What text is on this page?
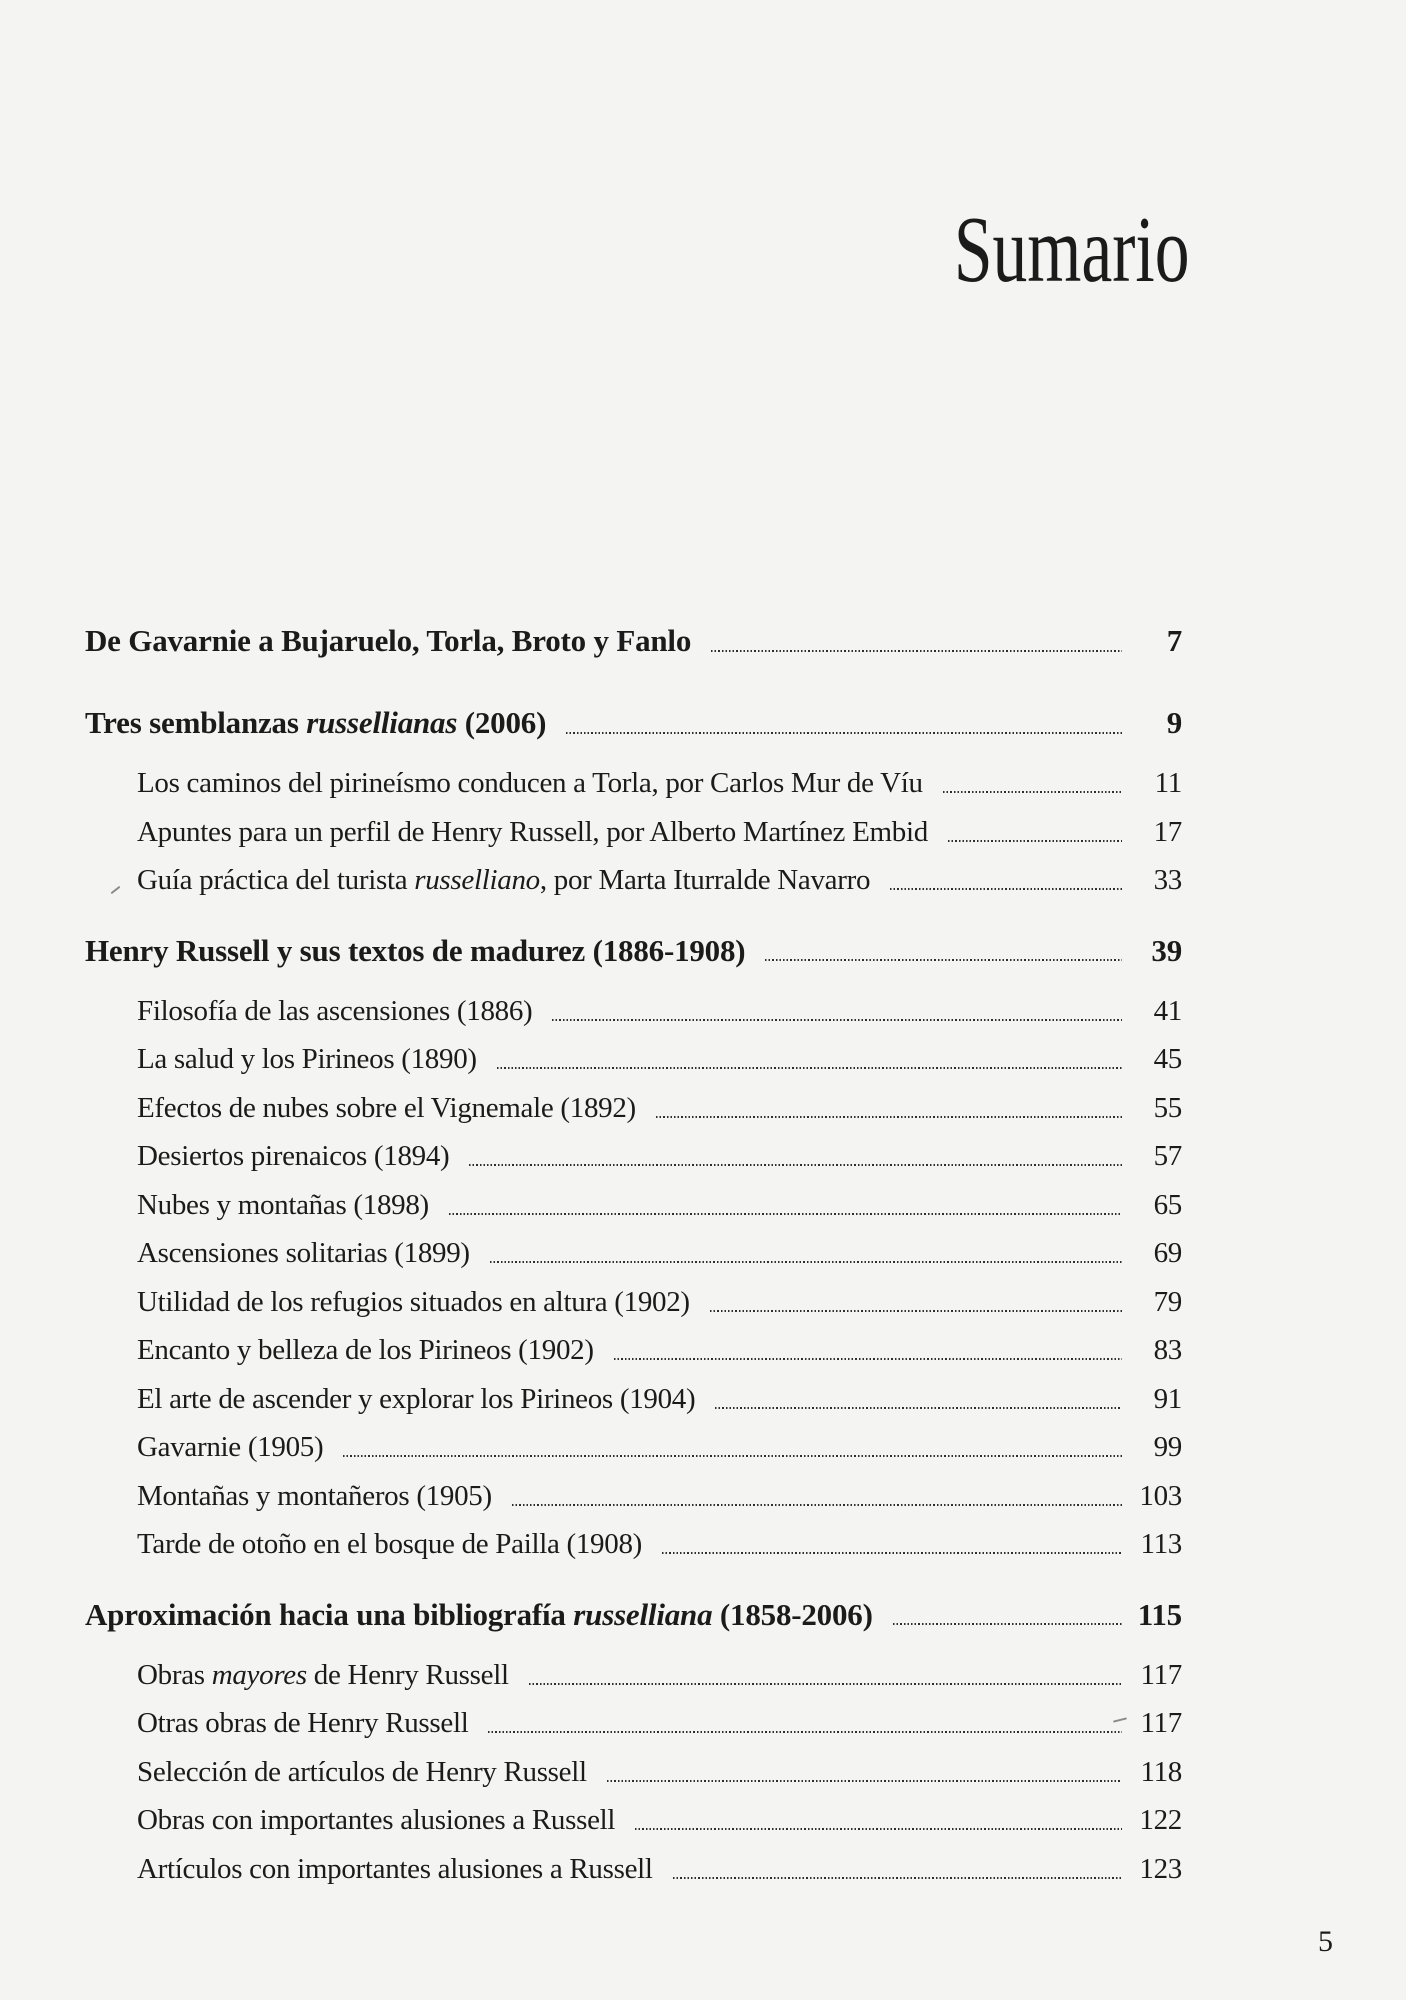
Sumario
De Gavarnie a Bujaruelo, Torla, Broto y Fanlo	7
Tres semblanzas russellianas (2006)	9
Los caminos del pirineísmo conducen a Torla, por Carlos Mur de Víu	11
Apuntes para un perfil de Henry Russell, por Alberto Martínez Embid	17
Guía práctica del turista russelliano, por Marta Iturralde Navarro	33
Henry Russell y sus textos de madurez (1886-1908)	39
Filosofía de las ascensiones (1886)	41
La salud y los Pirineos (1890)	45
Efectos de nubes sobre el Vignemale (1892)	55
Desiertos pirenaicos (1894)	57
Nubes y montañas (1898)	65
Ascensiones solitarias (1899)	69
Utilidad de los refugios situados en altura (1902)	79
Encanto y belleza de los Pirineos (1902)	83
El arte de ascender y explorar los Pirineos (1904)	91
Gavarnie (1905)	99
Montañas y montañeros (1905)	103
Tarde de otoño en el bosque de Pailla (1908)	113
Aproximación hacia una bibliografía russelliana (1858-2006)	115
Obras mayores de Henry Russell	117
Otras obras de Henry Russell	117
Selección de artículos de Henry Russell	118
Obras con importantes alusiones a Russell	122
Artículos con importantes alusiones a Russell	123
5
